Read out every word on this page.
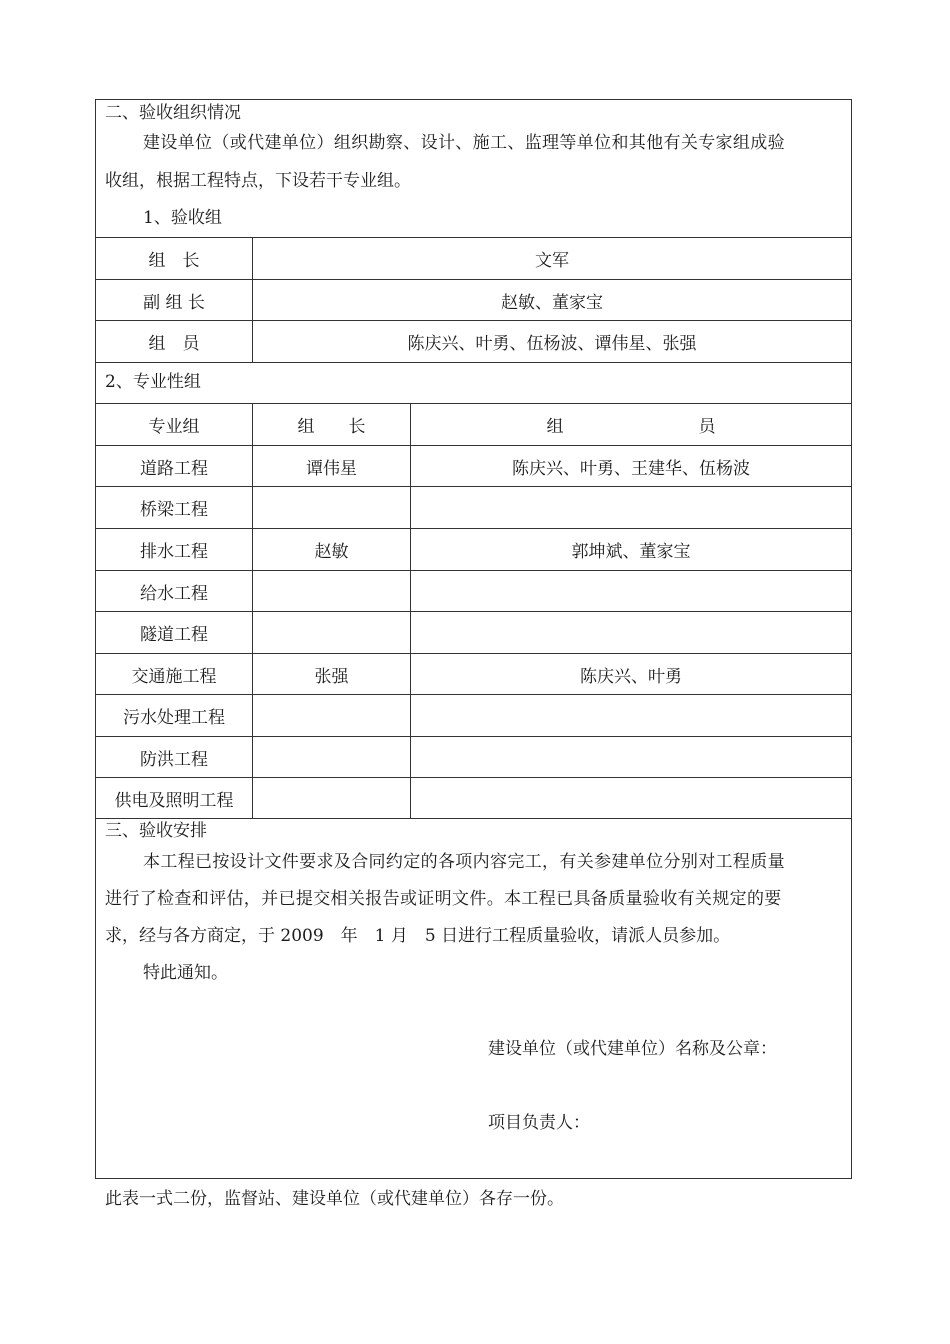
二、验收组织情况
建设单位（或代建单位）组织勘察、设计、施工、监理等单位和其他有关专家组成验
收组，根据工程特点，下设若干专业组。
1、验收组
组　长	文军
副 组 长	赵敏、董家宝
组　员	陈庆兴、叶勇、伍杨波、谭伟星、张强
2、专业性组
专业组	组　　长	组	员
道路工程	谭伟星	陈庆兴、叶勇、王建华、伍杨波
桥梁工程
排水工程	赵敏	郭坤斌、董家宝
给水工程
隧道工程
交通施工程	张强	陈庆兴、叶勇
污水处理工程
防洪工程
供电及照明工程
三、验收安排
本工程已按设计文件要求及合同约定的各项内容完工，有关参建单位分别对工程质量
进行了检查和评估，并已提交相关报告或证明文件。本工程已具备质量验收有关规定的要
求，经与各方商定，于 2009　年　1 月　5 日进行工程质量验收，请派人员参加。
特此通知。
建设单位（或代建单位）名称及公章：
项目负责人：
此表一式二份，监督站、建设单位（或代建单位）各存一份。
